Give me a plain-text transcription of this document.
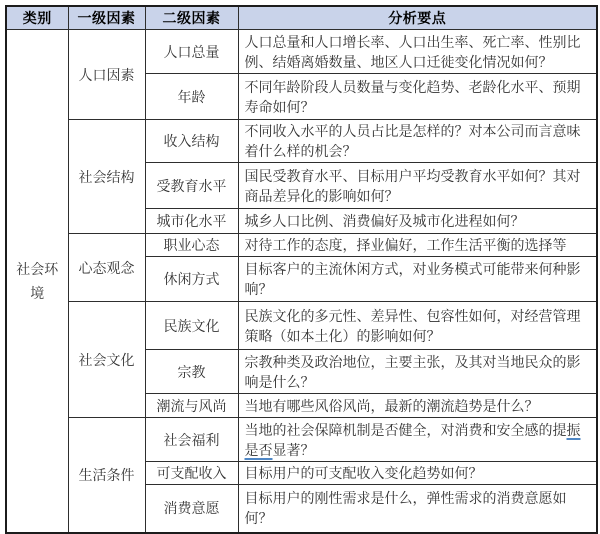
类别	一级因素	二级因素	分析要点
社会环境	人口因素	人口总量	人口总量和人口增长率、人口出生率、死亡率、性别比例、结婚离婚数量、地区人口迁徙变化情况如何？
		年龄	不同年龄阶段人员数量与变化趋势、老龄化水平、预期寿命如何？
	社会结构	收入结构	不同收入水平的人员占比是怎样的？对本公司而言意味着什么样的机会？
		受教育水平	国民受教育水平、目标用户平均受教育水平如何？其对商品差异化的影响如何？
		城市化水平	城乡人口比例、消费偏好及城市化进程如何？
	心态观念	职业心态	对待工作的态度，择业偏好，工作生活平衡的选择等
		休闲方式	目标客户的主流休闲方式，对业务模式可能带来何种影响？
	社会文化	民族文化	民族文化的多元性、差异性、包容性如何，对经营管理策略（如本土化）的影响如何？
		宗教	宗教种类及政治地位，主要主张，及其对当地民众的影响是什么？
		潮流与风尚	当地有哪些风俗风尚，最新的潮流趋势是什么？
	生活条件	社会福利	当地的社会保障机制是否健全，对消费和安全感的提振是否显著？
		可支配收入	目标用户的可支配收入变化趋势如何？
		消费意愿	目标用户的刚性需求是什么，弹性需求的消费意愿如何？
